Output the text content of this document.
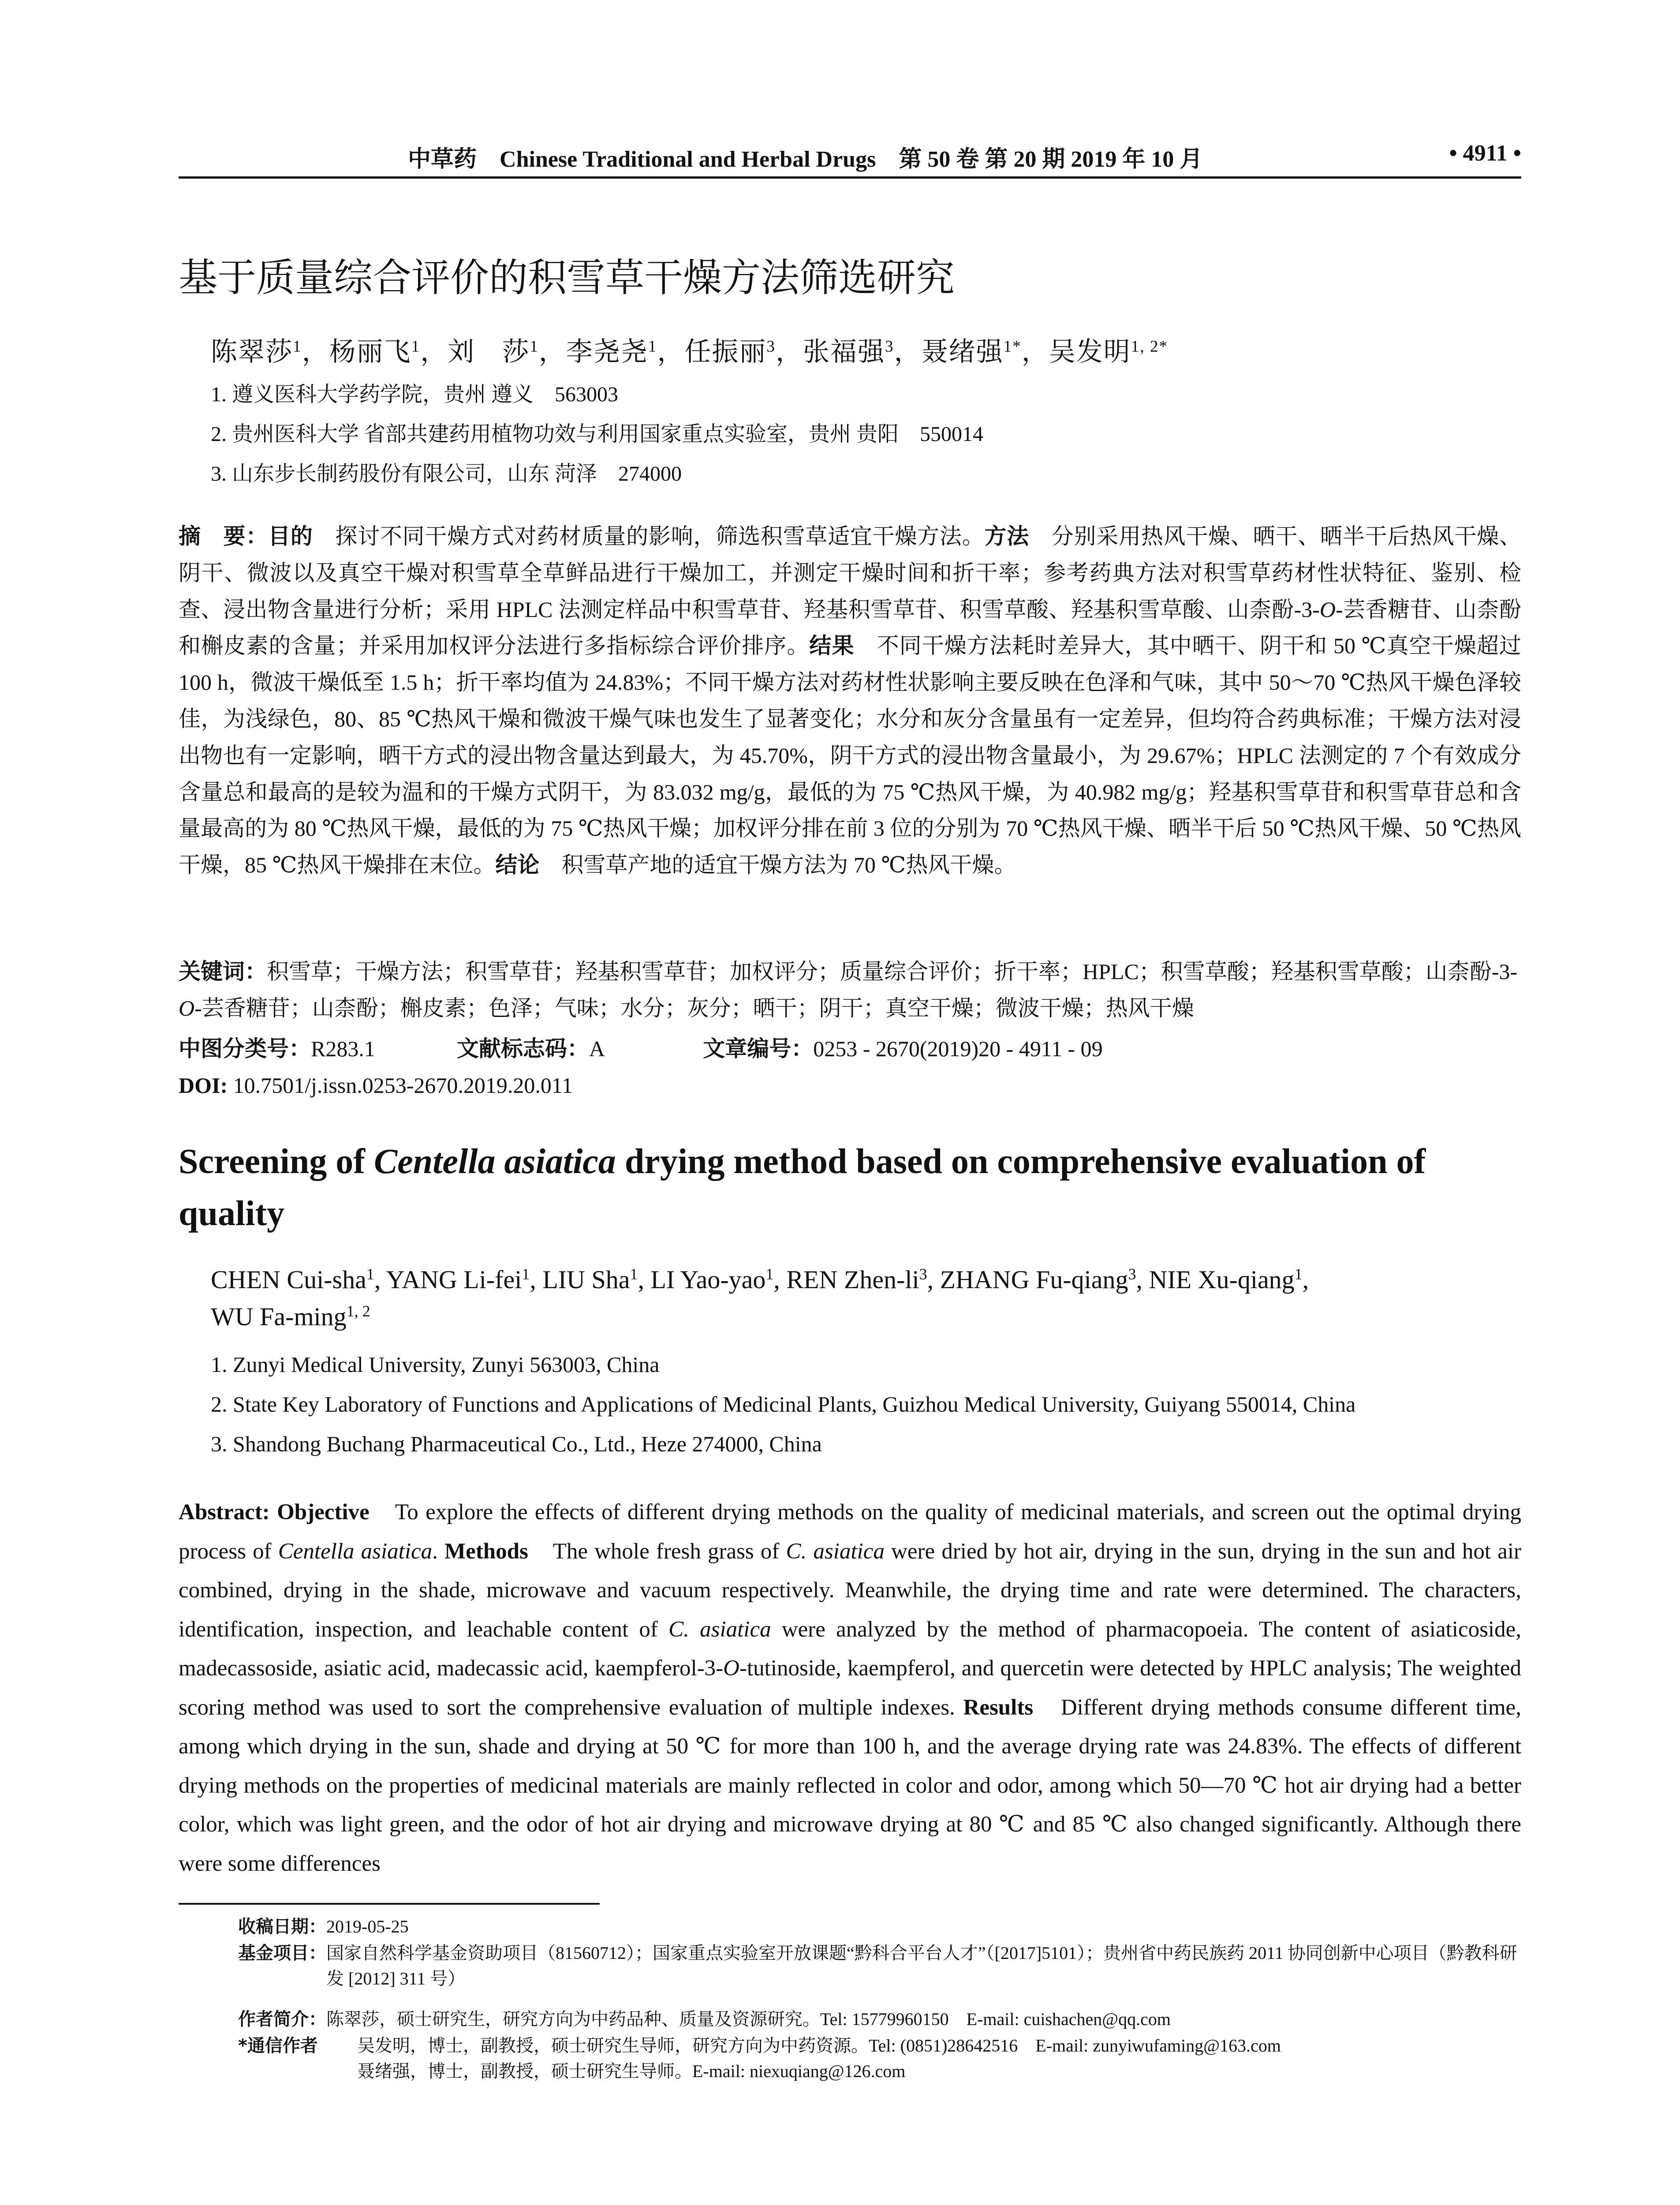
中草药 Chinese Traditional and Herbal Drugs 第 50 卷 第 20 期 2019 年 10 月	• 4911 •
基于质量综合评价的积雪草干燥方法筛选研究
陈翠莎$^1$，杨丽飞$^1$，刘　莎$^1$，李尧尧$^1$，任振丽$^3$，张福强$^3$，聂绪强$^{1*}$，吴发明$^{1, 2*}$
1. 遵义医科大学药学院，贵州 遵义　563003
2. 贵州医科大学 省部共建药用植物功效与利用国家重点实验室，贵州 贵阳　550014
3. 山东步长制药股份有限公司，山东 菏泽　274000
摘　要：目的　探讨不同干燥方式对药材质量的影响，筛选积雪草适宜干燥方法。方法　分别采用热风干燥、晒干、晒半干后热风干燥、阴干、微波以及真空干燥对积雪草全草鲜品进行干燥加工，并测定干燥时间和折干率；参考药典方法对积雪草药材性状特征、鉴别、检查、浸出物含量进行分析；采用 HPLC 法测定样品中积雪草苷、羟基积雪草苷、积雪草酸、羟基积雪草酸、山柰酚-3-O-芸香糖苷、山柰酚和槲皮素的含量；并采用加权评分法进行多指标综合评价排序。结果　不同干燥方法耗时差异大，其中晒干、阴干和 50 ℃真空干燥超过 100 h，微波干燥低至 1.5 h；折干率均值为 24.83%；不同干燥方法对药材性状影响主要反映在色泽和气味，其中 50～70 ℃热风干燥色泽较佳，为浅绿色，80、85 ℃热风干燥和微波干燥气味也发生了显著变化；水分和灰分含量虽有一定差异，但均符合药典标准；干燥方法对浸出物也有一定影响，晒干方式的浸出物含量达到最大，为 45.70%，阴干方式的浸出物含量最小，为 29.67%；HPLC 法测定的 7 个有效成分含量总和最高的是较为温和的干燥方式阴干，为 83.032 mg/g，最低的为 75 ℃热风干燥，为 40.982 mg/g；羟基积雪草苷和积雪草苷总和含量最高的为 80 ℃热风干燥，最低的为 75 ℃热风干燥；加权评分排在前 3 位的分别为 70 ℃热风干燥、晒半干后 50 ℃热风干燥、50 ℃热风干燥，85 ℃热风干燥排在末位。结论　积雪草产地的适宜干燥方法为 70 ℃热风干燥。
关键词：积雪草；干燥方法；积雪草苷；羟基积雪草苷；加权评分；质量综合评价；折干率；HPLC；积雪草酸；羟基积雪草酸；山柰酚-3-O-芸香糖苷；山柰酚；槲皮素；色泽；气味；水分；灰分；晒干；阴干；真空干燥；微波干燥；热风干燥
中图分类号：R283.1	文献标志码：A	文章编号：0253 - 2670(2019)20 - 4911 - 09
DOI: 10.7501/j.issn.0253-2670.2019.20.011
Screening of Centella asiatica drying method based on comprehensive evaluation of quality
CHEN Cui-sha$^1$, YANG Li-fei$^1$, LIU Sha$^1$, LI Yao-yao$^1$, REN Zhen-$li^3$, ZHANG Fu-qiang$^3$, NIE Xu-qiang$^1$,
WU Fa-ming$^{1, 2}$
1. Zunyi Medical University, Zunyi 563003, China
2. State Key Laboratory of Functions and Applications of Medicinal Plants, Guizhou Medical University, Guiyang 550014, China
3. Shandong Buchang Pharmaceutical Co., Ltd., Heze 274000, China
Abstract: Objective　To explore the effects of different drying methods on the quality of medicinal materials, and screen out the optimal drying process of Centella asiatica. Methods　The whole fresh grass of C. asiatica were dried by hot air, drying in the sun, drying in the sun and hot air combined, drying in the shade, microwave and vacuum respectively. Meanwhile, the drying time and rate were determined. The characters, identification, inspection, and leachable content of C. asiatica were analyzed by the method of pharmacopoeia. The content of asiaticoside, madecassoside, asiatic acid, madecassic acid, kaempferol-3-O-tutinoside, kaempferol, and quercetin were detected by HPLC analysis; The weighted scoring method was used to sort the comprehensive evaluation of multiple indexes. Results　Different drying methods consume different time, among which drying in the sun, shade and drying at 50 ℃ for more than 100 h, and the average drying rate was 24.83%. The effects of different drying methods on the properties of medicinal materials are mainly reflected in color and odor, among which 50—70 ℃ hot air drying had a better color, which was light green, and the odor of hot air drying and microwave drying at 80 ℃ and 85 ℃ also changed significantly. Although there were some differences
收稿日期：2019-05-25
基金项目： 国家自然科学基金资助项目（81560712）；国家重点实验室开放课题“黔科合平台人才”（[2017]5101）；贵州省中药民族药 2011 协同创新中心项目（黔教科研发 [2012] 311 号）
作者简介：陈翠莎，硕士研究生，研究方向为中药品种、质量及资源研究。Tel: 15779960150　E-mail: cuishachen@qq.com
*通信作者	吴发明，博士，副教授，硕士研究生导师，研究方向为中药资源。Tel: (0851)28642516　E-mail: zunyiwufaming@163.com
聂绪强，博士，副教授，硕士研究生导师。E-mail: niexuqiang@126.com
